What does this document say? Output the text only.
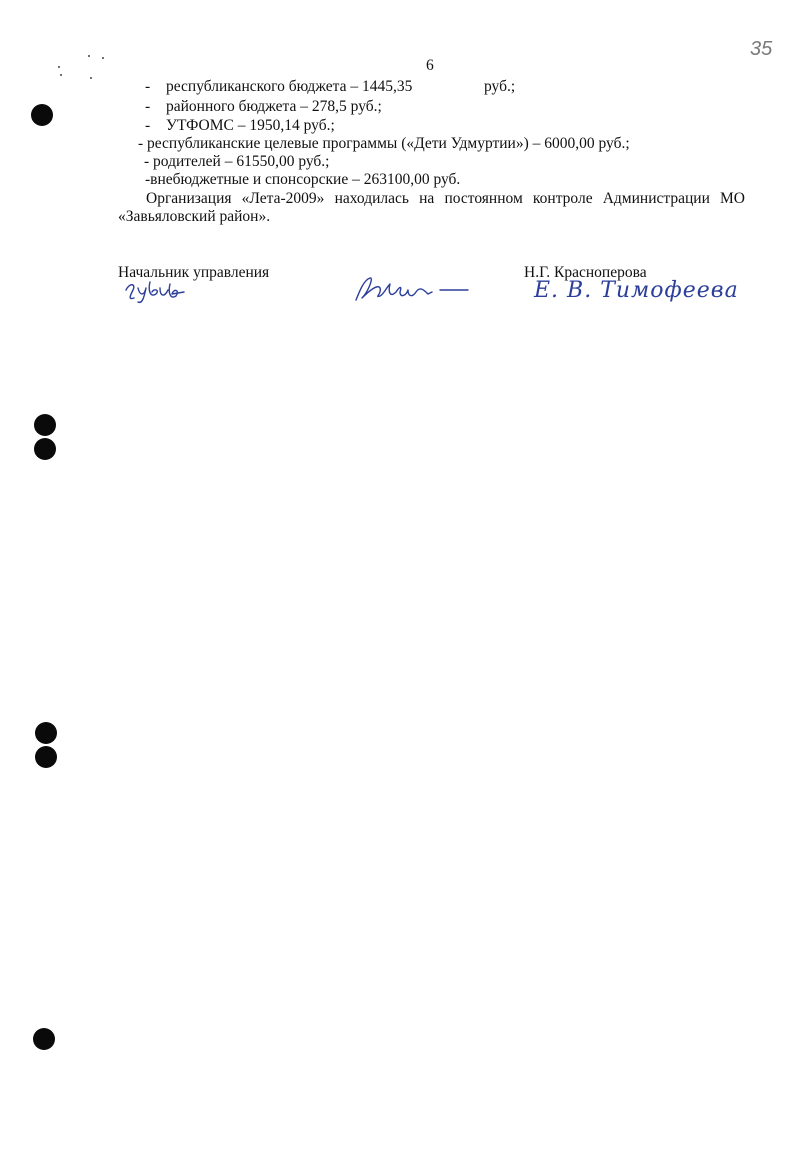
35
6
- республиканского бюджета – 1445,35	руб.;
- районного бюджета – 278,5 руб.;
- УТФОМС – 1950,14 руб.;
- республиканские целевые программы («Дети Удмуртии») – 6000,00 руб.;
- родителей – 61550,00 руб.;
-внебюджетные и спонсорские – 263100,00 руб.
Организация «Лета-2009» находилась на постоянном контроле Администрации МО
«Завьяловский район».
Начальник управления	Н.Г. Красноперова
Е. В. Тимофеева
